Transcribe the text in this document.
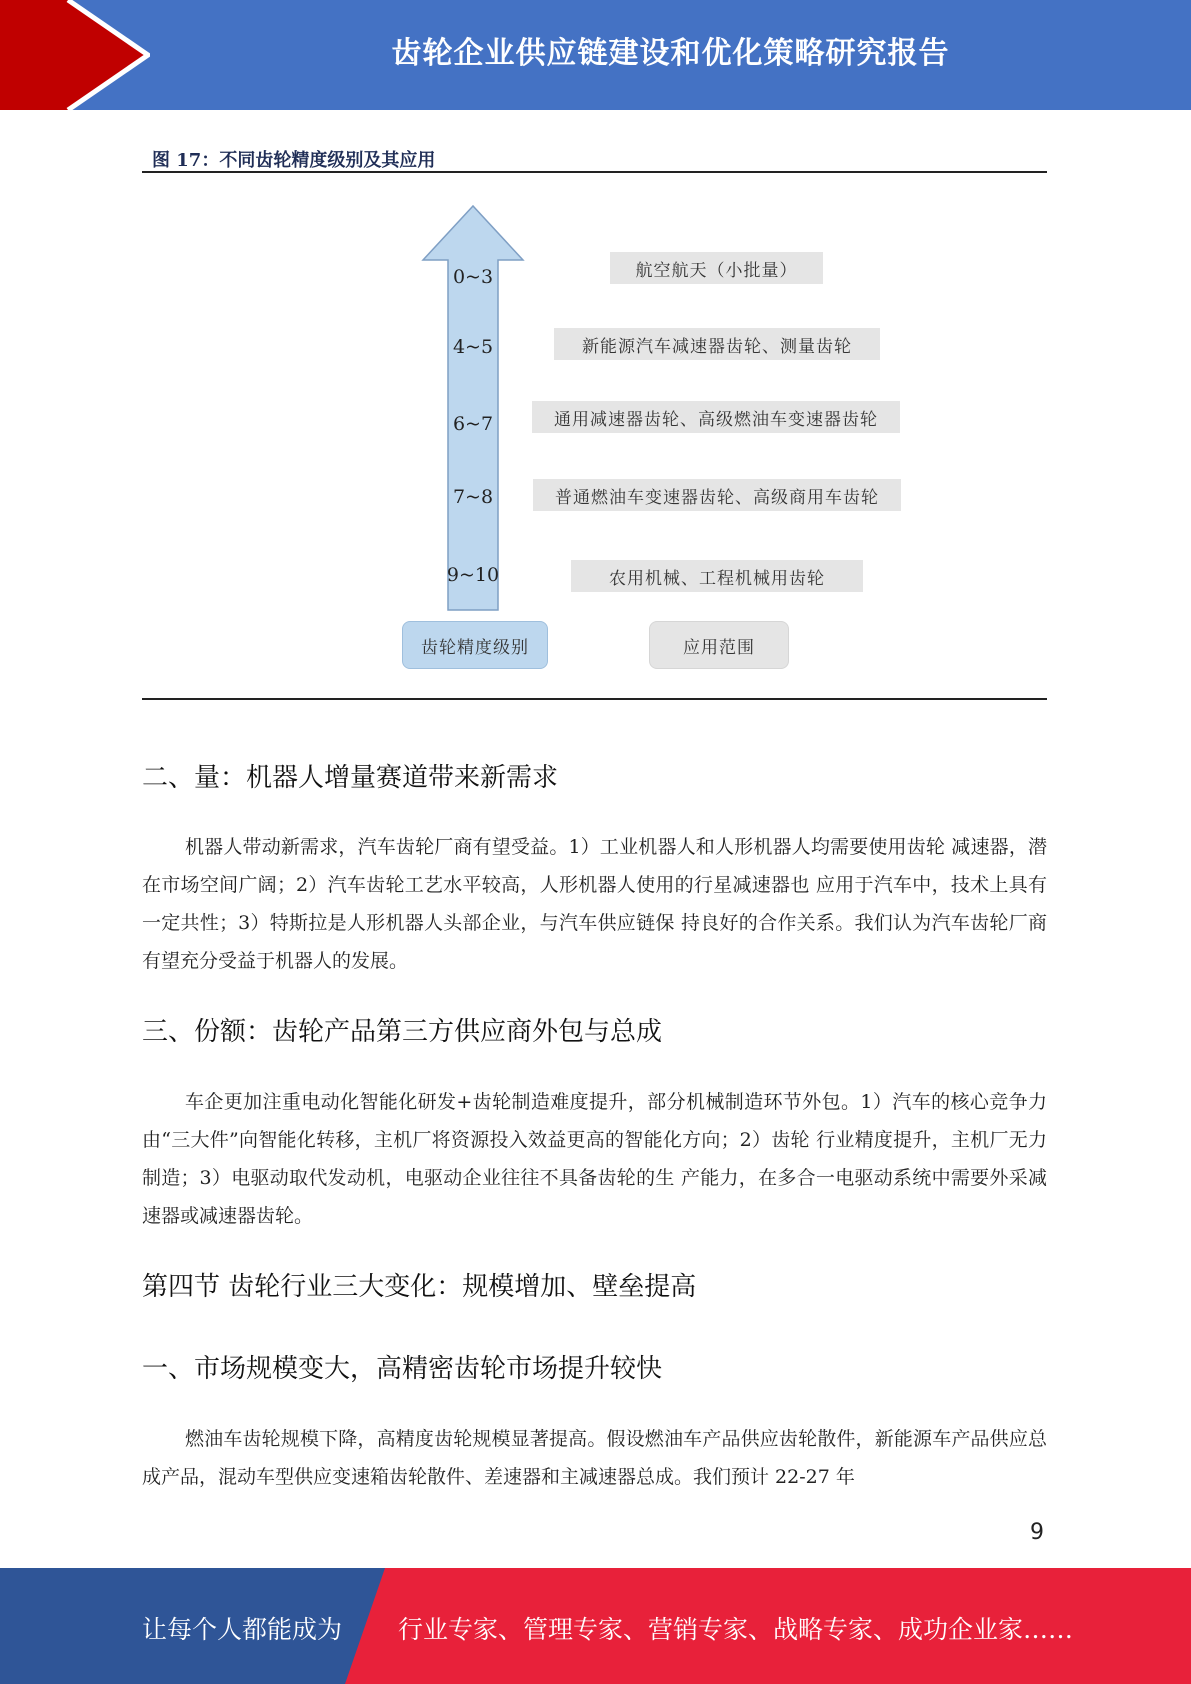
齿轮企业供应链建设和优化策略研究报告
图 17：不同齿轮精度级别及其应用
0~3
4~5
6~7
7~8
9~10
航空航天（小批量）
新能源汽车减速器齿轮、测量齿轮
通用减速器齿轮、高级燃油车变速器齿轮
普通燃油车变速器齿轮、高级商用车齿轮
农用机械、工程机械用齿轮
齿轮精度级别	应用范围
二、量：机器人增量赛道带来新需求

机器人带动新需求，汽车齿轮厂商有望受益。1）工业机器人和人形机器人均需要使用齿轮 减速器，潜在市场空间广阔；2）汽车齿轮工艺水平较高，人形机器人使用的行星减速器也 应用于汽车中，技术上具有一定共性；3）特斯拉是人形机器人头部企业，与汽车供应链保 持良好的合作关系。我们认为汽车齿轮厂商有望充分受益于机器人的发展。

三、份额：齿轮产品第三方供应商外包与总成

车企更加注重电动化智能化研发+齿轮制造难度提升，部分机械制造环节外包。1）汽车的核心竞争力由“三大件”向智能化转移，主机厂将资源投入效益更高的智能化方向；2）齿轮 行业精度提升，主机厂无力制造；3）电驱动取代发动机，电驱动企业往往不具备齿轮的生 产能力，在多合一电驱动系统中需要外采减速器或减速器齿轮。

第四节 齿轮行业三大变化：规模增加、壁垒提高
一、市场规模变大，高精密齿轮市场提升较快

燃油车齿轮规模下降，高精度齿轮规模显著提高。假设燃油车产品供应齿轮散件，新能源车产品供应总成产品，混动车型供应变速箱齿轮散件、差速器和主减速器总成。我们预计 22-27 年

9
让每个人都能成为 行业专家、管理专家、营销专家、战略专家、成功企业家……
